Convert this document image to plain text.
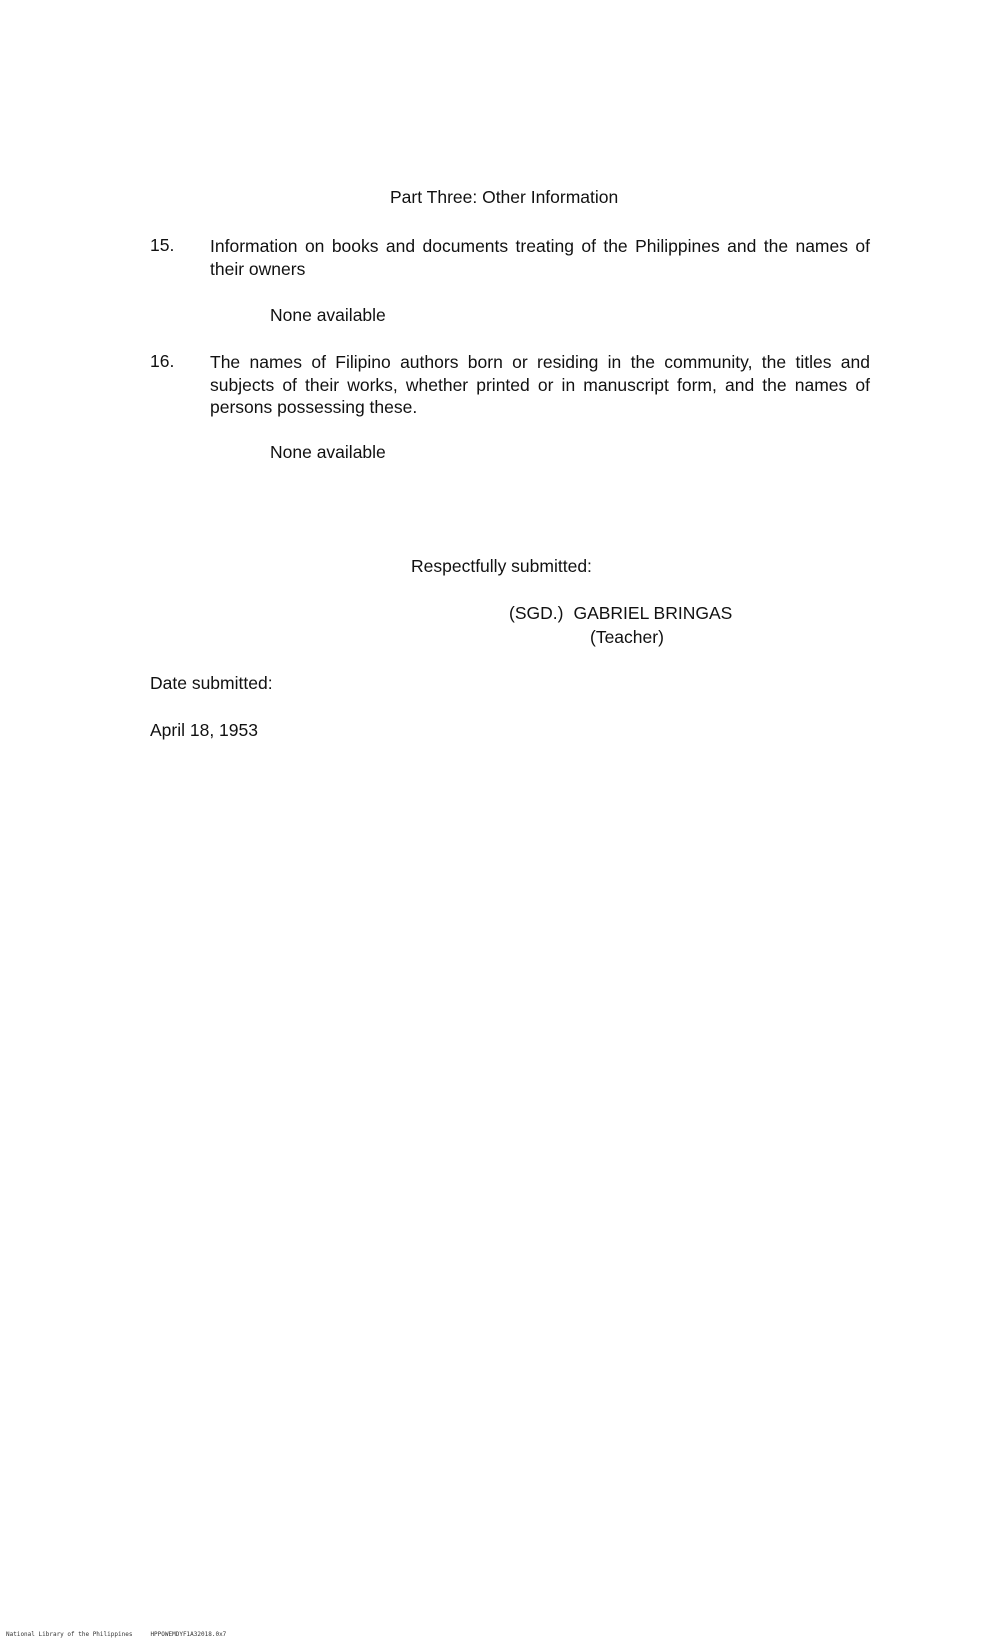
Part Three: Other Information
15. Information on books and documents treating of the Philippines and the names of their owners
None available
16. The names of Filipino authors born or residing in the community, the titles and subjects of their works, whether printed or in manuscript form, and the names of persons possessing these.
None available
Respectfully submitted:
(SGD.) GABRIEL BRINGAS
(Teacher)
Date submitted:
April 18, 1953
National Library of the Philippines	HPPOWEMDYF1A32018.0x7
